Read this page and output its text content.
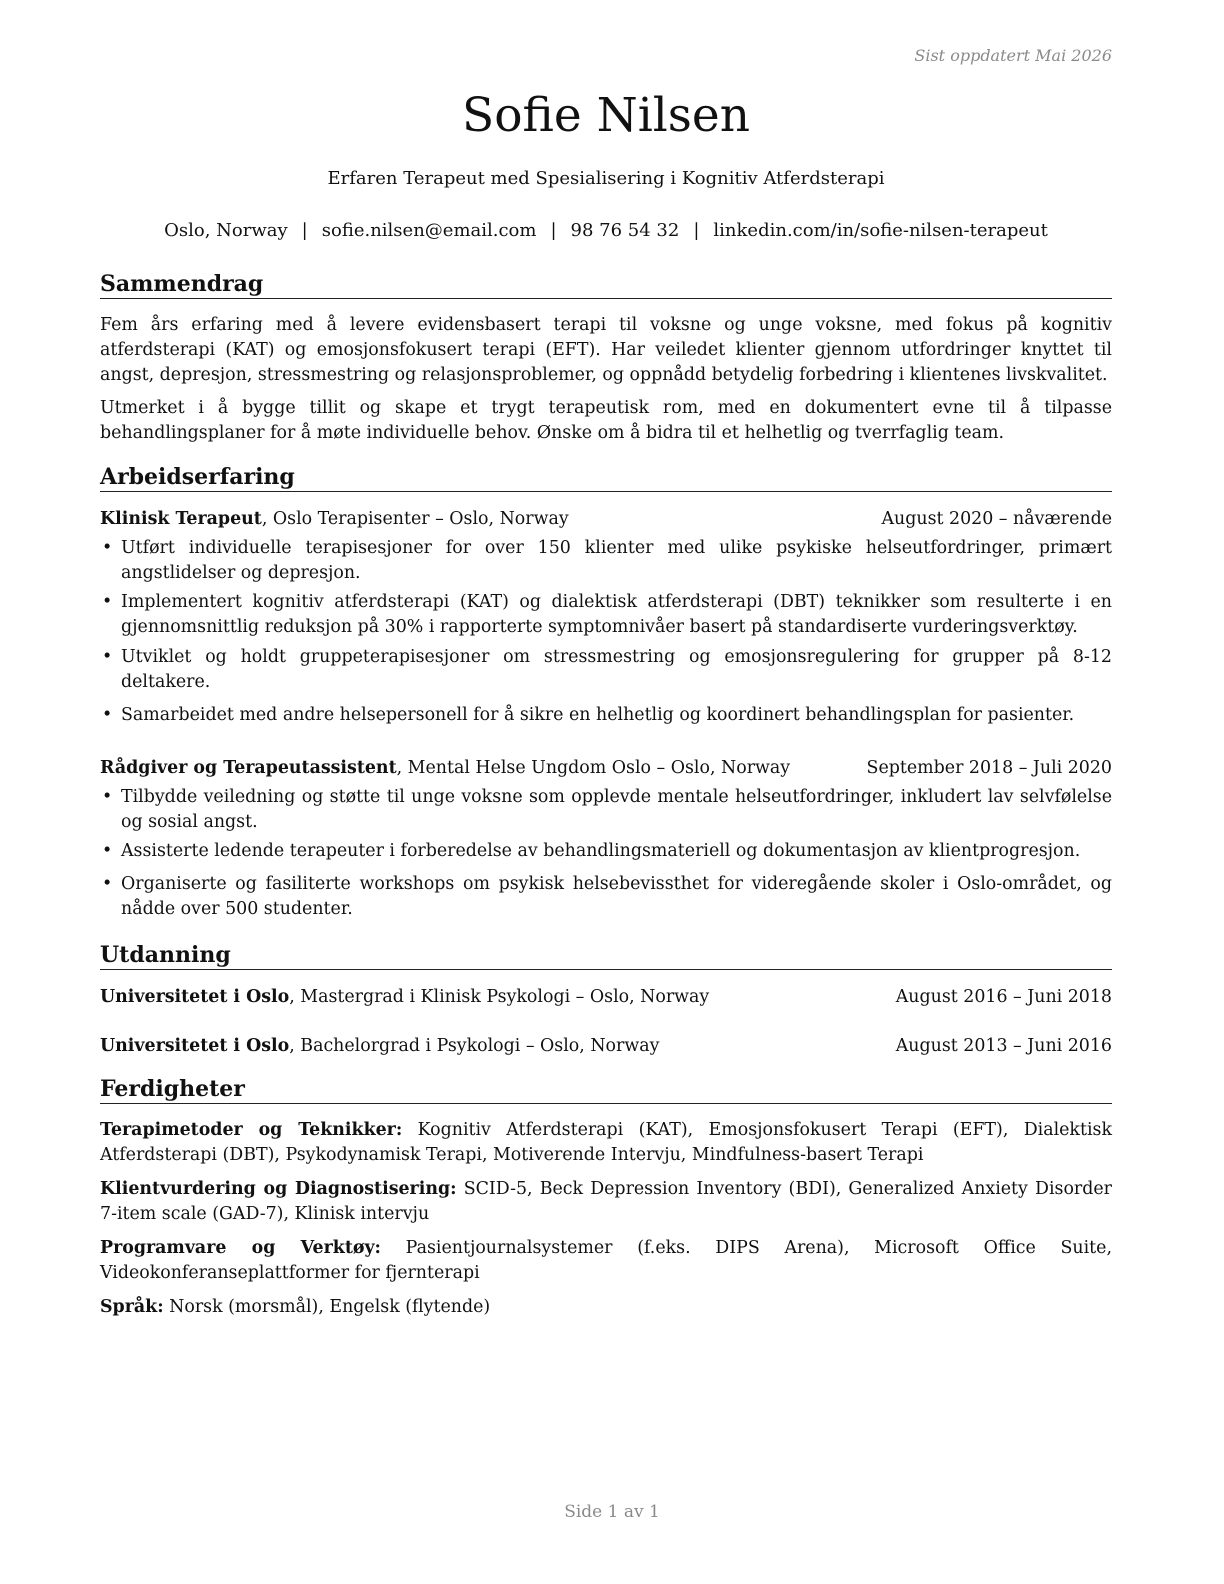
Sist oppdatert Mai 2026
Sofie Nilsen
Erfaren Terapeut med Spesialisering i Kognitiv Atferdsterapi
Oslo, Norway | sofie.nilsen@email.com | 98 76 54 32 | linkedin.com/in/sofie-nilsen-terapeut
Sammendrag

Fem års erfaring med å levere evidensbasert terapi til voksne og unge voksne, med fokus på kognitiv atferdsterapi (KAT) og emosjonsfokusert terapi (EFT). Har veiledet klienter gjennom utfordringer knyttet til angst, depresjon, stressmestring og relasjonsproblemer, og oppnådd betydelig forbedring i klientenes livskvalitet.

Utmerket i å bygge tillit og skape et trygt terapeutisk rom, med en dokumentert evne til å tilpasse behandlingsplaner for å møte individuelle behov. Ønske om å bidra til et helhetlig og tverrfaglig team.

Arbeidserfaring
Klinisk Terapeut, Oslo Terapisenter – Oslo, Norway	August 2020 – nåværende
• Utført individuelle terapisesjoner for over 150 klienter med ulike psykiske helseutfordringer, primært angstlidelser og depresjon.
• Implementert kognitiv atferdsterapi (KAT) og dialektisk atferdsterapi (DBT) teknikker som resulterte i en gjennomsnittlig reduksjon på 30% i rapporterte symptomnivåer basert på standardiserte vurderingsverktøy.
• Utviklet og holdt gruppeterapisesjoner om stressmestring og emosjonsregulering for grupper på 8-12 deltakere.
• Samarbeidet med andre helsepersonell for å sikre en helhetlig og koordinert behandlingsplan for pasienter.
Rådgiver og Terapeutassistent, Mental Helse Ungdom Oslo – Oslo, Norway	September 2018 – Juli 2020
• Tilbydde veiledning og støtte til unge voksne som opplevde mentale helseutfordringer, inkludert lav selvfølelse og sosial angst.
• Assisterte ledende terapeuter i forberedelse av behandlingsmateriell og dokumentasjon av klientprogresjon.
• Organiserte og fasiliterte workshops om psykisk helsebevissthet for videregående skoler i Oslo-området, og nådde over 500 studenter.
Utdanning
Universitetet i Oslo, Mastergrad i Klinisk Psykologi – Oslo, Norway	August 2016 – Juni 2018
Universitetet i Oslo, Bachelorgrad i Psykologi – Oslo, Norway	August 2013 – Juni 2016
Ferdigheter

Terapimetoder og Teknikker: Kognitiv Atferdsterapi (KAT), Emosjonsfokusert Terapi (EFT), Dialektisk Atferdsterapi (DBT), Psykodynamisk Terapi, Motiverende Intervju, Mindfulness-basert Terapi

Klientvurdering og Diagnostisering: SCID-5, Beck Depression Inventory (BDI), Generalized Anxiety Disorder 7-item scale (GAD-7), Klinisk intervju

Programvare og Verktøy: Pasientjournalsystemer (f.eks. DIPS Arena), Microsoft Office Suite, Videokonferanseplattformer for fjernterapi

Språk: Norsk (morsmål), Engelsk (flytende)

Side 1 av 1
